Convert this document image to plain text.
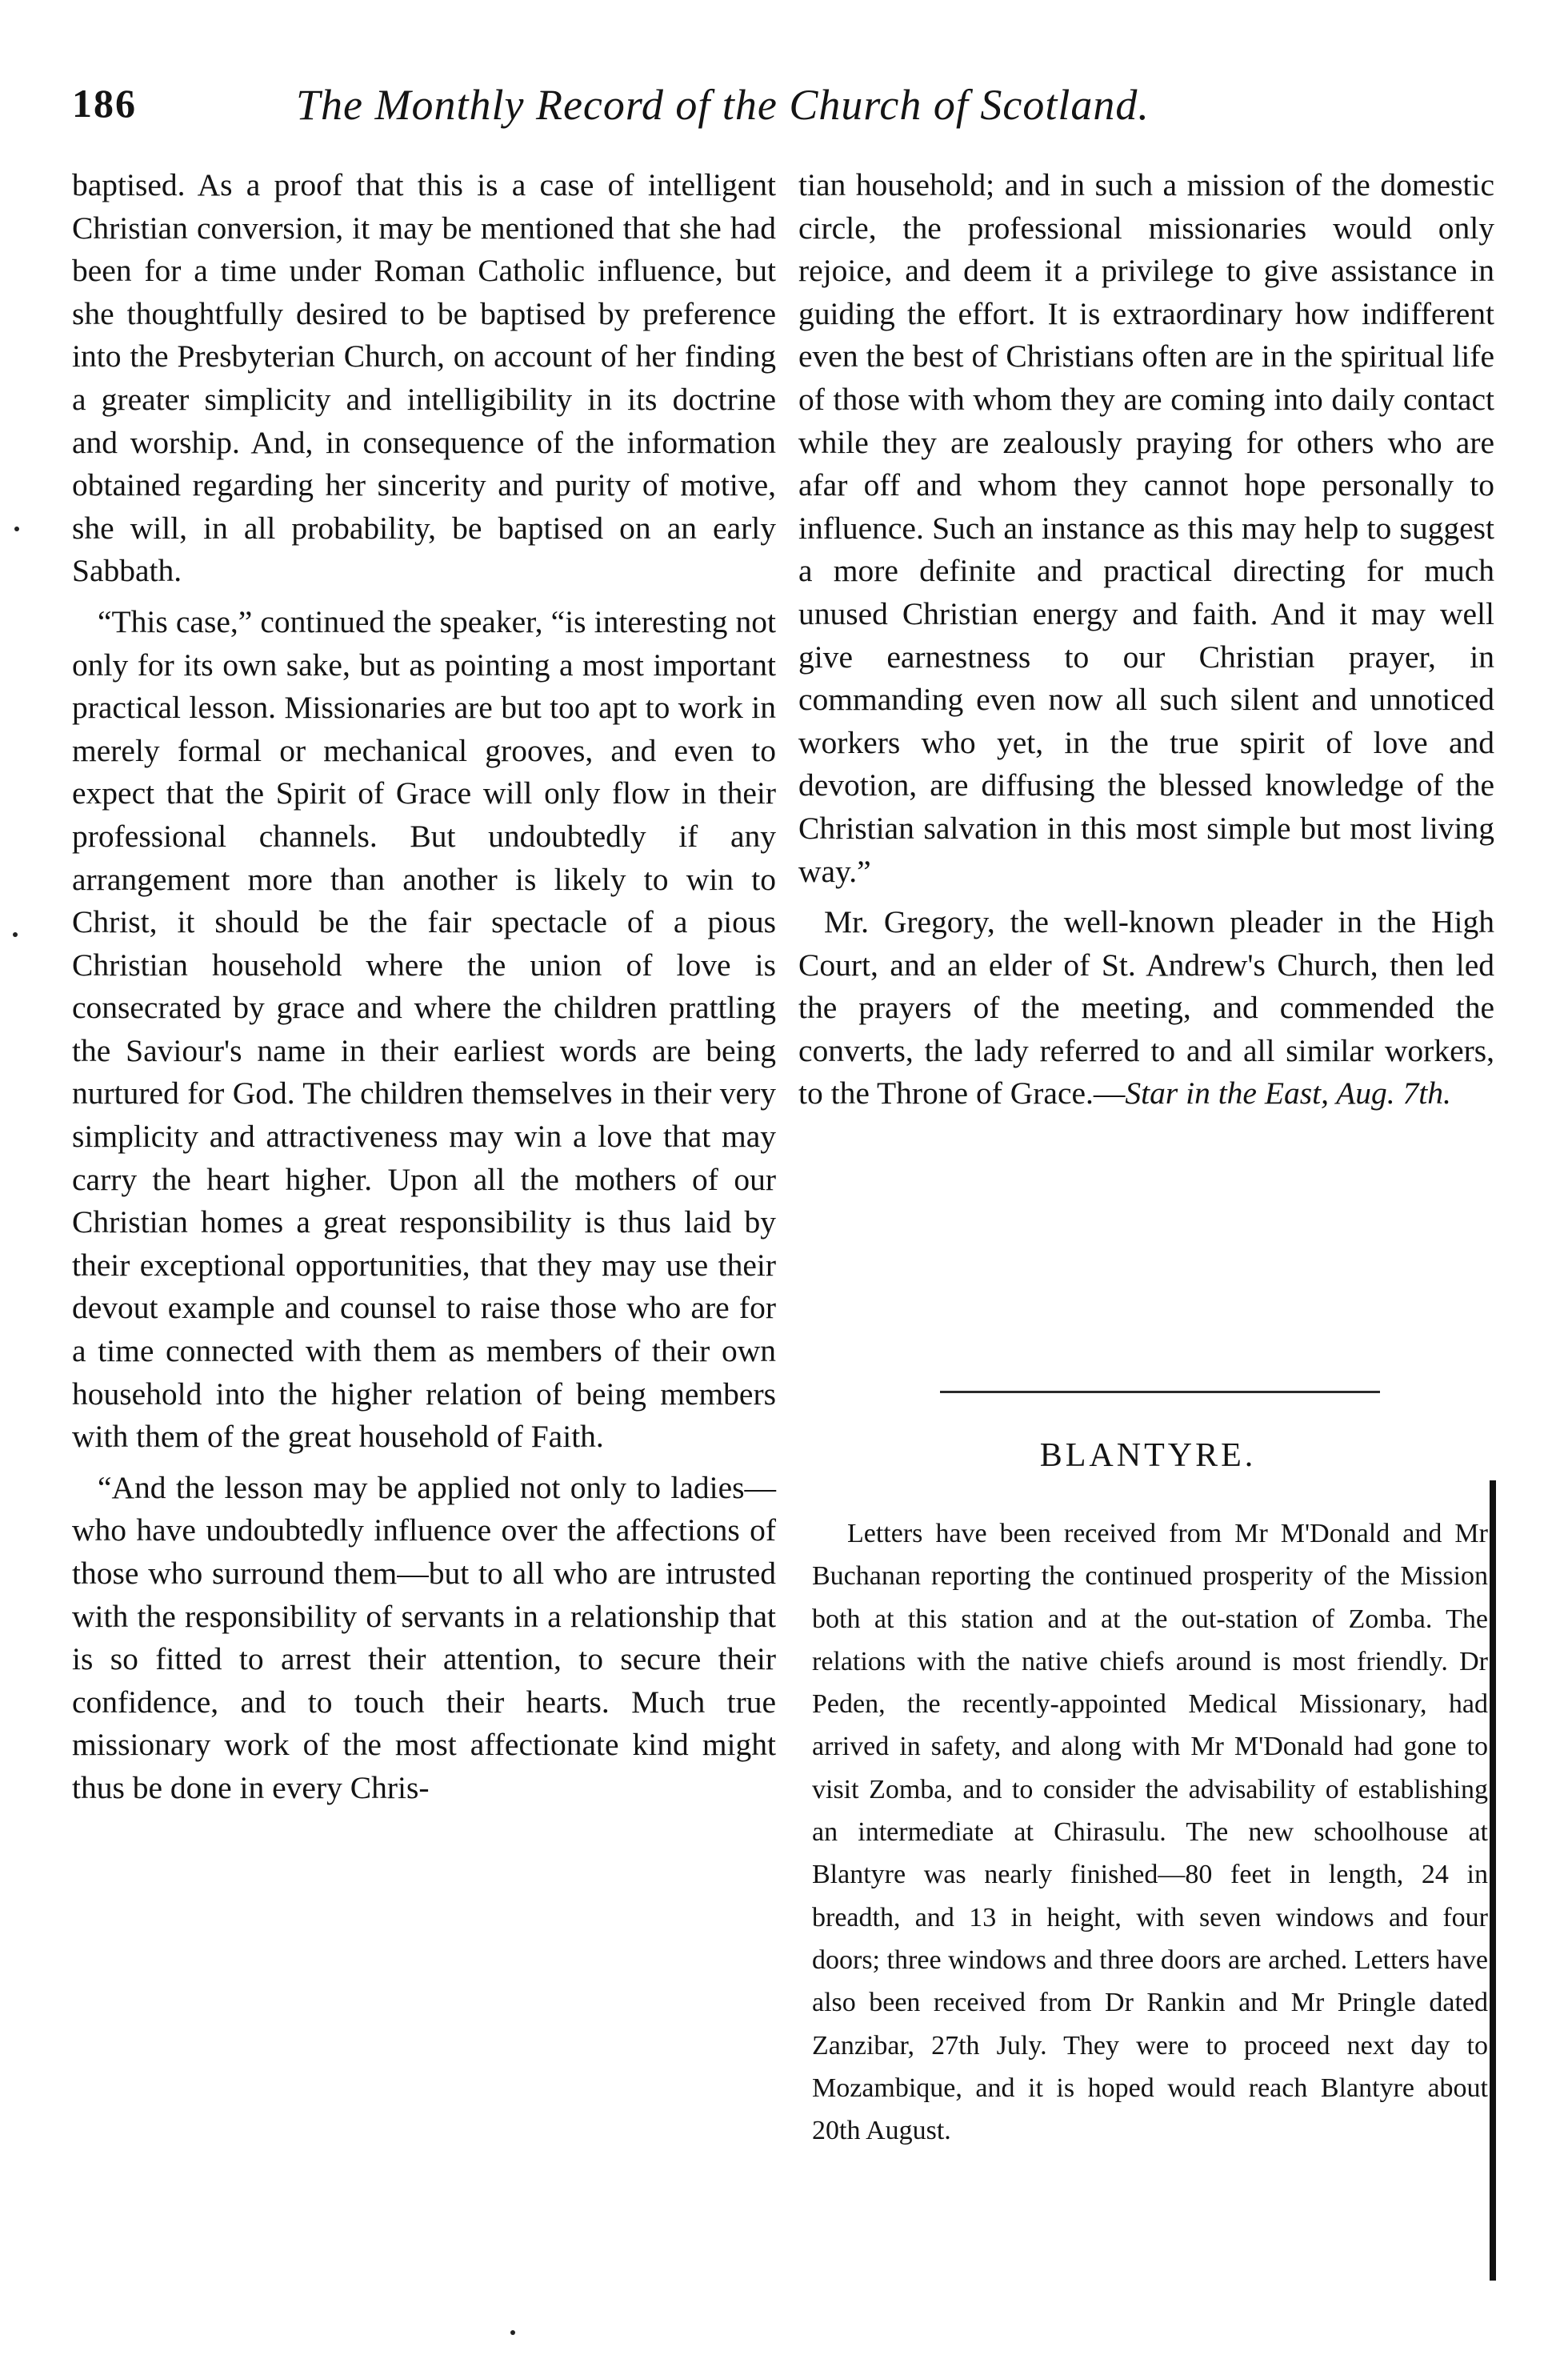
186	The Monthly Record of the Church of Scotland.

baptised. As a proof that this is a case of intelligent Christian conversion, it may be mentioned that she had been for a time under Roman Catholic influence, but she thoughtfully desired to be baptised by preference into the Presbyterian Church, on account of her finding a greater simplicity and intelligibility in its doctrine and worship. And, in consequence of the information obtained regarding her sincerity and purity of motive, she will, in all probability, be baptised on an early Sabbath.

“This case,” continued the speaker, “is interesting not only for its own sake, but as pointing a most important practical lesson. Missionaries are but too apt to work in merely formal or mechanical grooves, and even to expect that the Spirit of Grace will only flow in their professional channels. But undoubtedly if any arrangement more than another is likely to win to Christ, it should be the fair spectacle of a pious Christian household where the union of love is consecrated by grace and where the children prattling the Saviour's name in their earliest words are being nurtured for God. The children themselves in their very simplicity and attractiveness may win a love that may carry the heart higher. Upon all the mothers of our Christian homes a great responsibility is thus laid by their exceptional opportunities, that they may use their devout example and counsel to raise those who are for a time connected with them as members of their own household into the higher relation of being members with them of the great household of Faith.

“And the lesson may be applied not only to ladies—who have undoubtedly influence over the affections of those who surround them—but to all who are intrusted with the responsibility of servants in a relationship that is so fitted to arrest their attention, to secure their confidence, and to touch their hearts. Much true missionary work of the most affectionate kind might thus be done in every Chris-

tian household; and in such a mission of the domestic circle, the professional missionaries would only rejoice, and deem it a privilege to give assistance in guiding the effort. It is extraordinary how indifferent even the best of Christians often are in the spiritual life of those with whom they are coming into daily contact while they are zealously praying for others who are afar off and whom they cannot hope personally to influence. Such an instance as this may help to suggest a more definite and practical directing for much unused Christian energy and faith. And it may well give earnestness to our Christian prayer, in commanding even now all such silent and unnoticed workers who yet, in the true spirit of love and devotion, are diffusing the blessed knowledge of the Christian salvation in this most simple but most living way.”

Mr. Gregory, the well-known pleader in the High Court, and an elder of St. Andrew's Church, then led the prayers of the meeting, and commended the converts, the lady referred to and all similar workers, to the Throne of Grace.—Star in the East, Aug. 7th.

BLANTYRE.

Letters have been received from Mr M'Donald and Mr Buchanan reporting the continued prosperity of the Mission both at this station and at the out-station of Zomba. The relations with the native chiefs around is most friendly. Dr Peden, the recently-appointed Medical Missionary, had arrived in safety, and along with Mr M'Donald had gone to visit Zomba, and to consider the advisability of establishing an intermediate at Chirasulu. The new schoolhouse at Blantyre was nearly finished—80 feet in length, 24 in breadth, and 13 in height, with seven windows and four doors; three windows and three doors are arched. Letters have also been received from Dr Rankin and Mr Pringle dated Zanzibar, 27th July. They were to proceed next day to Mozambique, and it is hoped would reach Blantyre about 20th August.
